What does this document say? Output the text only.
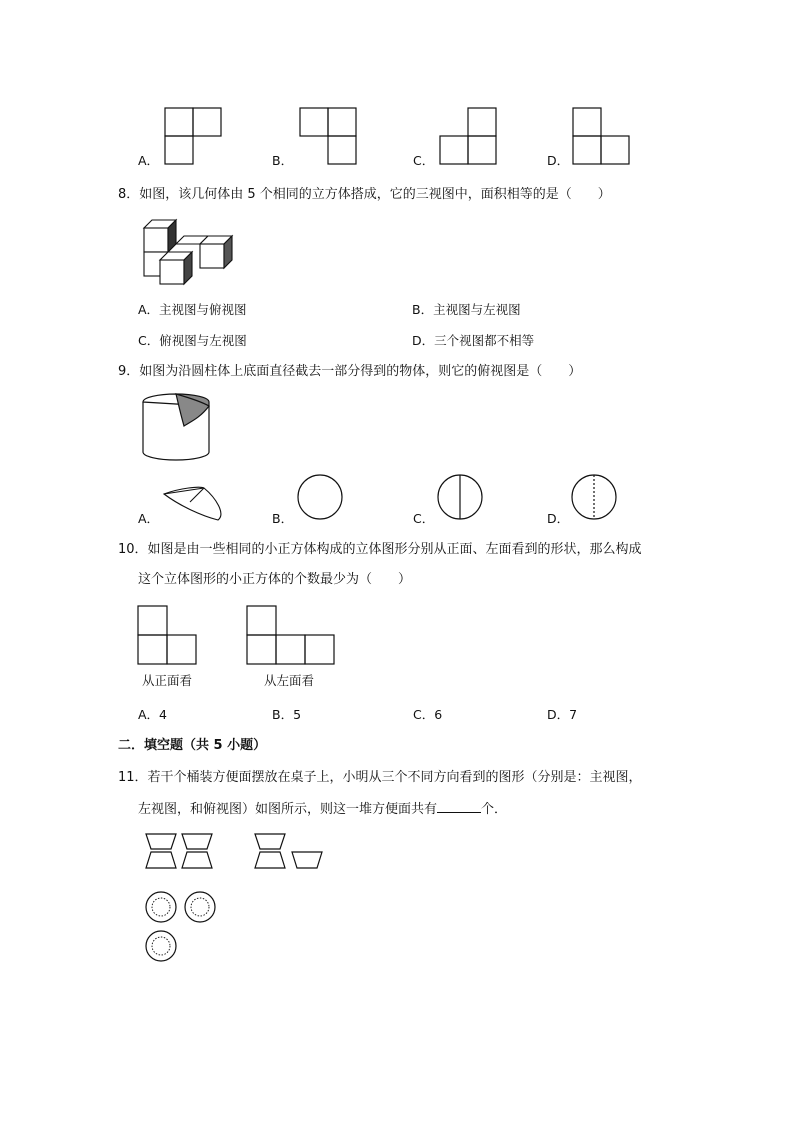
A．	B．	C．	D．
8．如图，该几何体由 5 个相同的立方体搭成，它的三视图中，面积相等的是（　　）
A．主视图与俯视图	B．主视图与左视图
C．俯视图与左视图	D．三个视图都不相等
9．如图为沿圆柱体上底面直径截去一部分得到的物体，则它的俯视图是（　　）
A．	B．	C．	D．
10．如图是由一些相同的小正方体构成的立体图形分别从正面、左面看到的形状，那么构成
这个立体图形的小正方体的个数最少为（　　）
从正面看	从左面看
A．4	B．5	C．6	D．7
二．填空题（共 5 小题）
11．若干个桶装方便面摆放在桌子上，小明从三个不同方向看到的图形（分别是：主视图，
左视图，和俯视图）如图所示，则这一堆方便面共有	个．
